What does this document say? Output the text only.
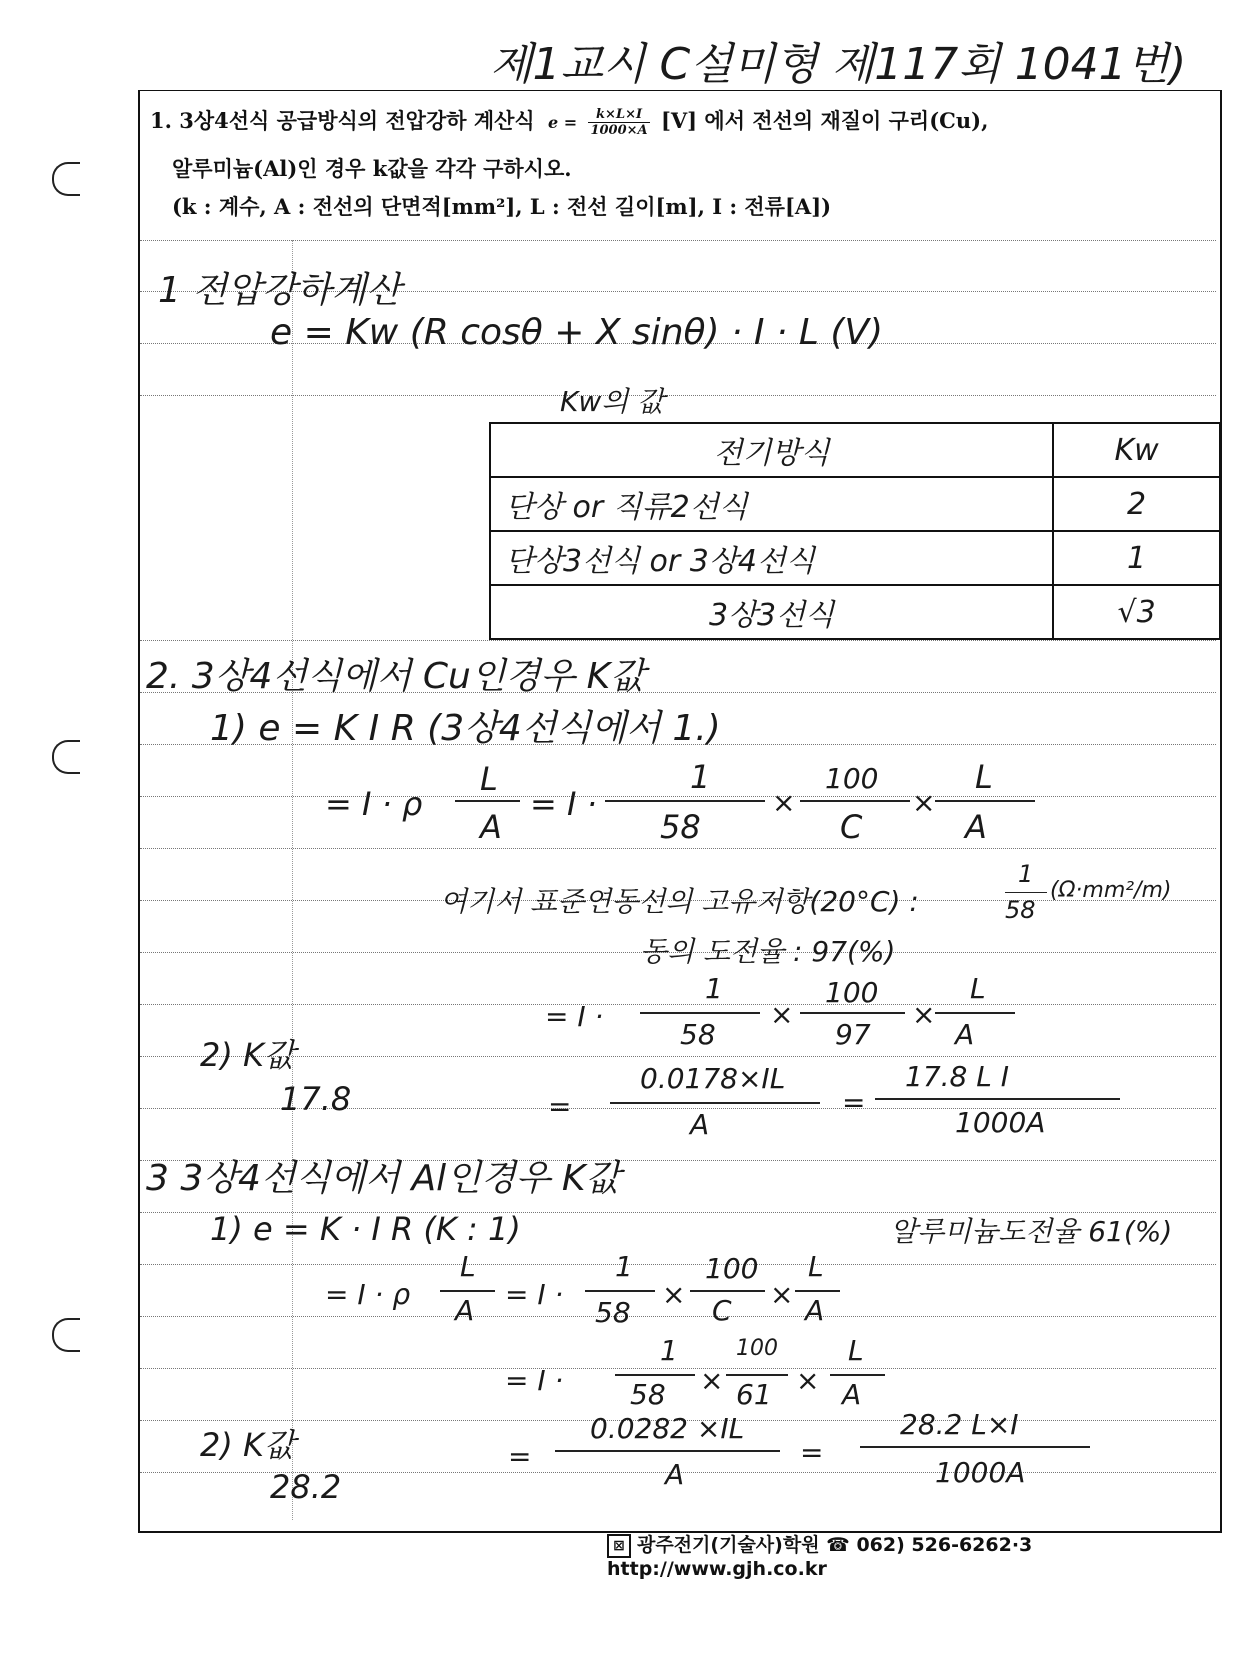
제1교시 C설미형 제117회 1041번)
1. 3상4선식 공급방식의 전압강하 계산식 $e = \frac{k\times L\times I}{1000\times A} [V]$ 에서 전선의 재질이 구리(Cu),
알루미늄(Al)인 경우 k값을 각각 구하시오.
(k : 계수, A : 전선의 단면적[mm²], L : 전선 길이[m], I : 전류[A])
1 전압강하계산
e = Kw (R cosθ + X sinθ) · I · L (V)
Kw의 값
전기방식	Kw
단상 or 직류2선식	2
단상3선식 or 3상4선식	1
3상3선식	√3
2. 3상4선식에서 Cu인경우 K값
1) e = K I R (3상4선식에서 1.)
= I · ρ
L
A
= I ·
1
58
×
100
C
×
L
A
여기서 표준연동선의 고유저항(20°C) :
1
58
(Ω·mm²/m)
동의 도전율 : 97(%)
= I ·
1
58
×
100
97
×
L
A
2) K값
17.8	=
0.0178×IL
A
=
17.8 L I
1000A
3 3상4선식에서 Al인경우 K값
1) e = K · I R (K : 1)	알루미늄도전율 61(%)
= I · ρ
L
A = I ·
1
58
×
100
C ×
L
A
= I ·
1
58 ×
100
61 ×
L
A
2) K값
28.2
=
0.0282 ×IL
A
=
28.2 L×I
1000A
⊠ 광주전기(기술사)학원 ☎ 062) 526-6262·3 http://www.gjh.co.kr
